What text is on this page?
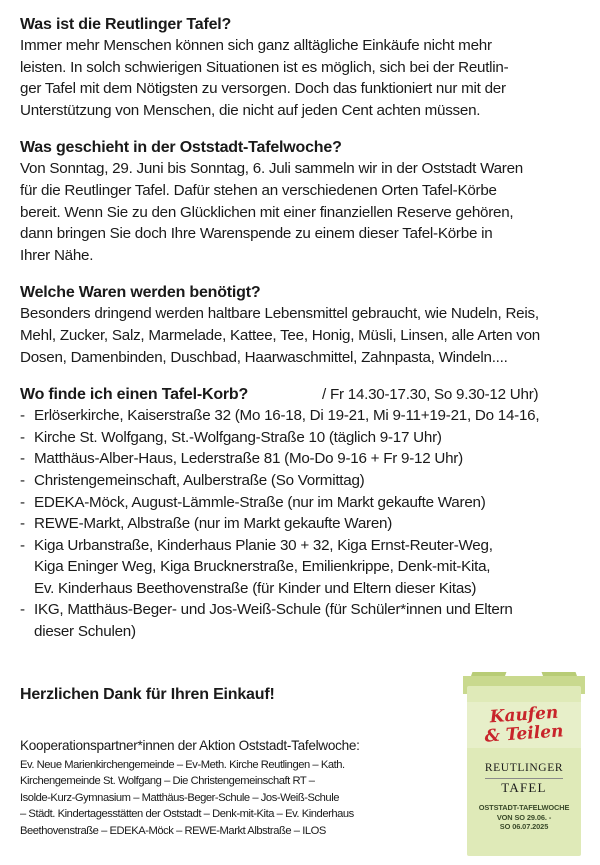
Was ist die Reutlinger Tafel?
Immer mehr Menschen können sich ganz alltägliche Einkäufe nicht mehr
leisten. In solch schwierigen Situationen ist es möglich, sich bei der Reutlin-
ger Tafel mit dem Nötigsten zu versorgen. Doch das funktioniert nur mit der
Unterstützung von Menschen, die nicht auf jeden Cent achten müssen.
Was geschieht in der Oststadt-Tafelwoche?
Von Sonntag, 29. Juni bis Sonntag, 6. Juli sammeln wir in der Oststadt Waren
für die Reutlinger Tafel. Dafür stehen an verschiedenen Orten Tafel-Körbe
bereit. Wenn Sie zu den Glücklichen mit einer finanziellen Reserve gehören,
dann bringen Sie doch Ihre Warenspende zu einem dieser Tafel-Körbe in
Ihrer Nähe.
Welche Waren werden benötigt?
Besonders dringend werden haltbare Lebensmittel gebraucht, wie Nudeln, Reis,
Mehl, Zucker, Salz, Marmelade, Kattee, Tee, Honig, Müsli, Linsen, alle Arten von
Dosen, Damenbinden, Duschbad, Haarwaschmittel, Zahnpasta, Windeln....
Wo finde ich einen Tafel-Korb?	/ Fr 14.30-17.30, So 9.30-12 Uhr)
- Erlöserkirche, Kaiserstraße 32 (Mo 16-18, Di 19-21, Mi 9-11+19-21, Do 14-16,
- Kirche St. Wolfgang, St.-Wolfgang-Straße 10 (täglich 9-17 Uhr)
- Matthäus-Alber-Haus, Lederstraße 81 (Mo-Do 9-16 + Fr 9-12 Uhr)
- Christengemeinschaft, Aulberstraße (So Vormittag)
- EDEKA-Möck, August-Lämmle-Straße (nur im Markt gekaufte Waren)
- REWE-Markt, Albstraße (nur im Markt gekaufte Waren)
- Kiga Urbanstraße, Kinderhaus Planie 30 + 32, Kiga Ernst-Reuter-Weg,
Kiga Eninger Weg, Kiga Brucknerstraße, Emilienkrippe, Denk-mit-Kita,
Ev. Kinderhaus Beethovenstraße (für Kinder und Eltern dieser Kitas)
- IKG, Matthäus-Beger- und Jos-Weiß-Schule (für Schüler*innen und Eltern
dieser Schulen)
Herzlichen Dank für Ihren Einkauf!
Kooperationspartner*innen der Aktion Oststadt-Tafelwoche:
Ev. Neue Marienkirchengemeinde – Ev-Meth. Kirche Reutlingen – Kath.
Kirchengemeinde St. Wolfgang – Die Christengemeinschaft RT –
Isolde-Kurz-Gymnasium – Matthäus-Beger-Schule – Jos-Weiß-Schule
– Städt. Kindertagesstätten der Oststadt – Denk-mit-Kita – Ev. Kinderhaus
Beethovenstraße – EDEKA-Möck – REWE-Markt Albstraße – ILOS
Kaufen
& Teilen
REUTLINGER
TAFEL
OSTSTADT-TAFELWOCHE
VON SO 29.06. -
SO 06.07.2025
